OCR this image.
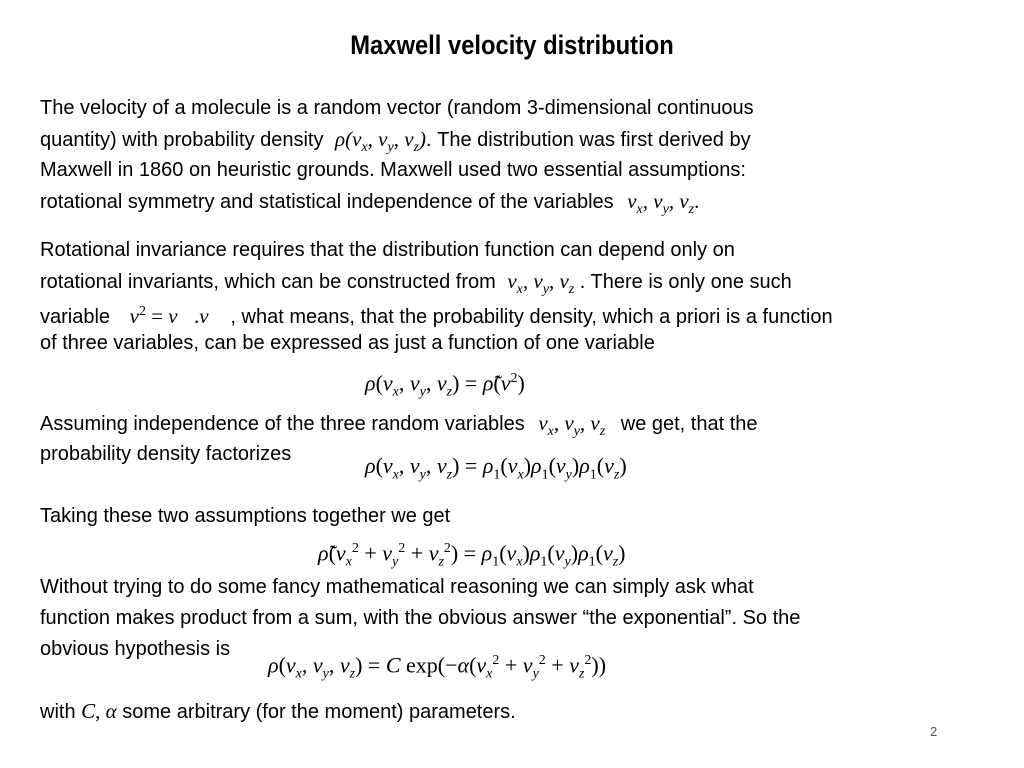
Maxwell velocity distribution
The velocity of a molecule is a random vector (random 3-dimensional continuous
quantity) with probability density $\rho(v_x$, $v_y$, $v_z$). The distribution was first derived by
Maxwell in 1860 on heuristic grounds. Maxwell used two essential assumptions:
rotational symmetry and statistical independence of the variables $v_x$, $v_y$, $v_z$.
Rotational invariance requires that the distribution function can depend only on
rotational invariants, which can be constructed from $v_x$, $v_y$, $v_z$ . There is only one such
variable $v^2$ = v⃗.v⃗ , what means, that the probability density, which a priori is a function
of three variables, can be expressed as just a function of one variable
$\rho(v_x$, $v_y$, $v_z$) = $\rhõ(v^2)$
Assuming independence of the three random variables $v_x$, $v_y$, $v_z$ we get, that the
probability density factorizes	$\rho(v_x$, $v_y$, $v_z) = \rho_1(v_x)\rho_1(v_y)\rho_1(v_z)$
Taking these two assumptions together we get
$\rhõ(v_x^2 + v_y^2 + v_z^2) = \rho_1(v_x)\rho_1(v_y)\rho_1(v_z)$
Without trying to do some fancy mathematical reasoning we can simply ask what
function makes product from a sum, with the obvious answer “the exponential”. So the
obvious hypothesis is
$\rho(v_x$, $v_y$, $v_z) = C$ $\exp(-\alpha(v_x^2 + v_y^2 + v_z^2))$
with C, α some arbitrary (for the moment) parameters.
2
